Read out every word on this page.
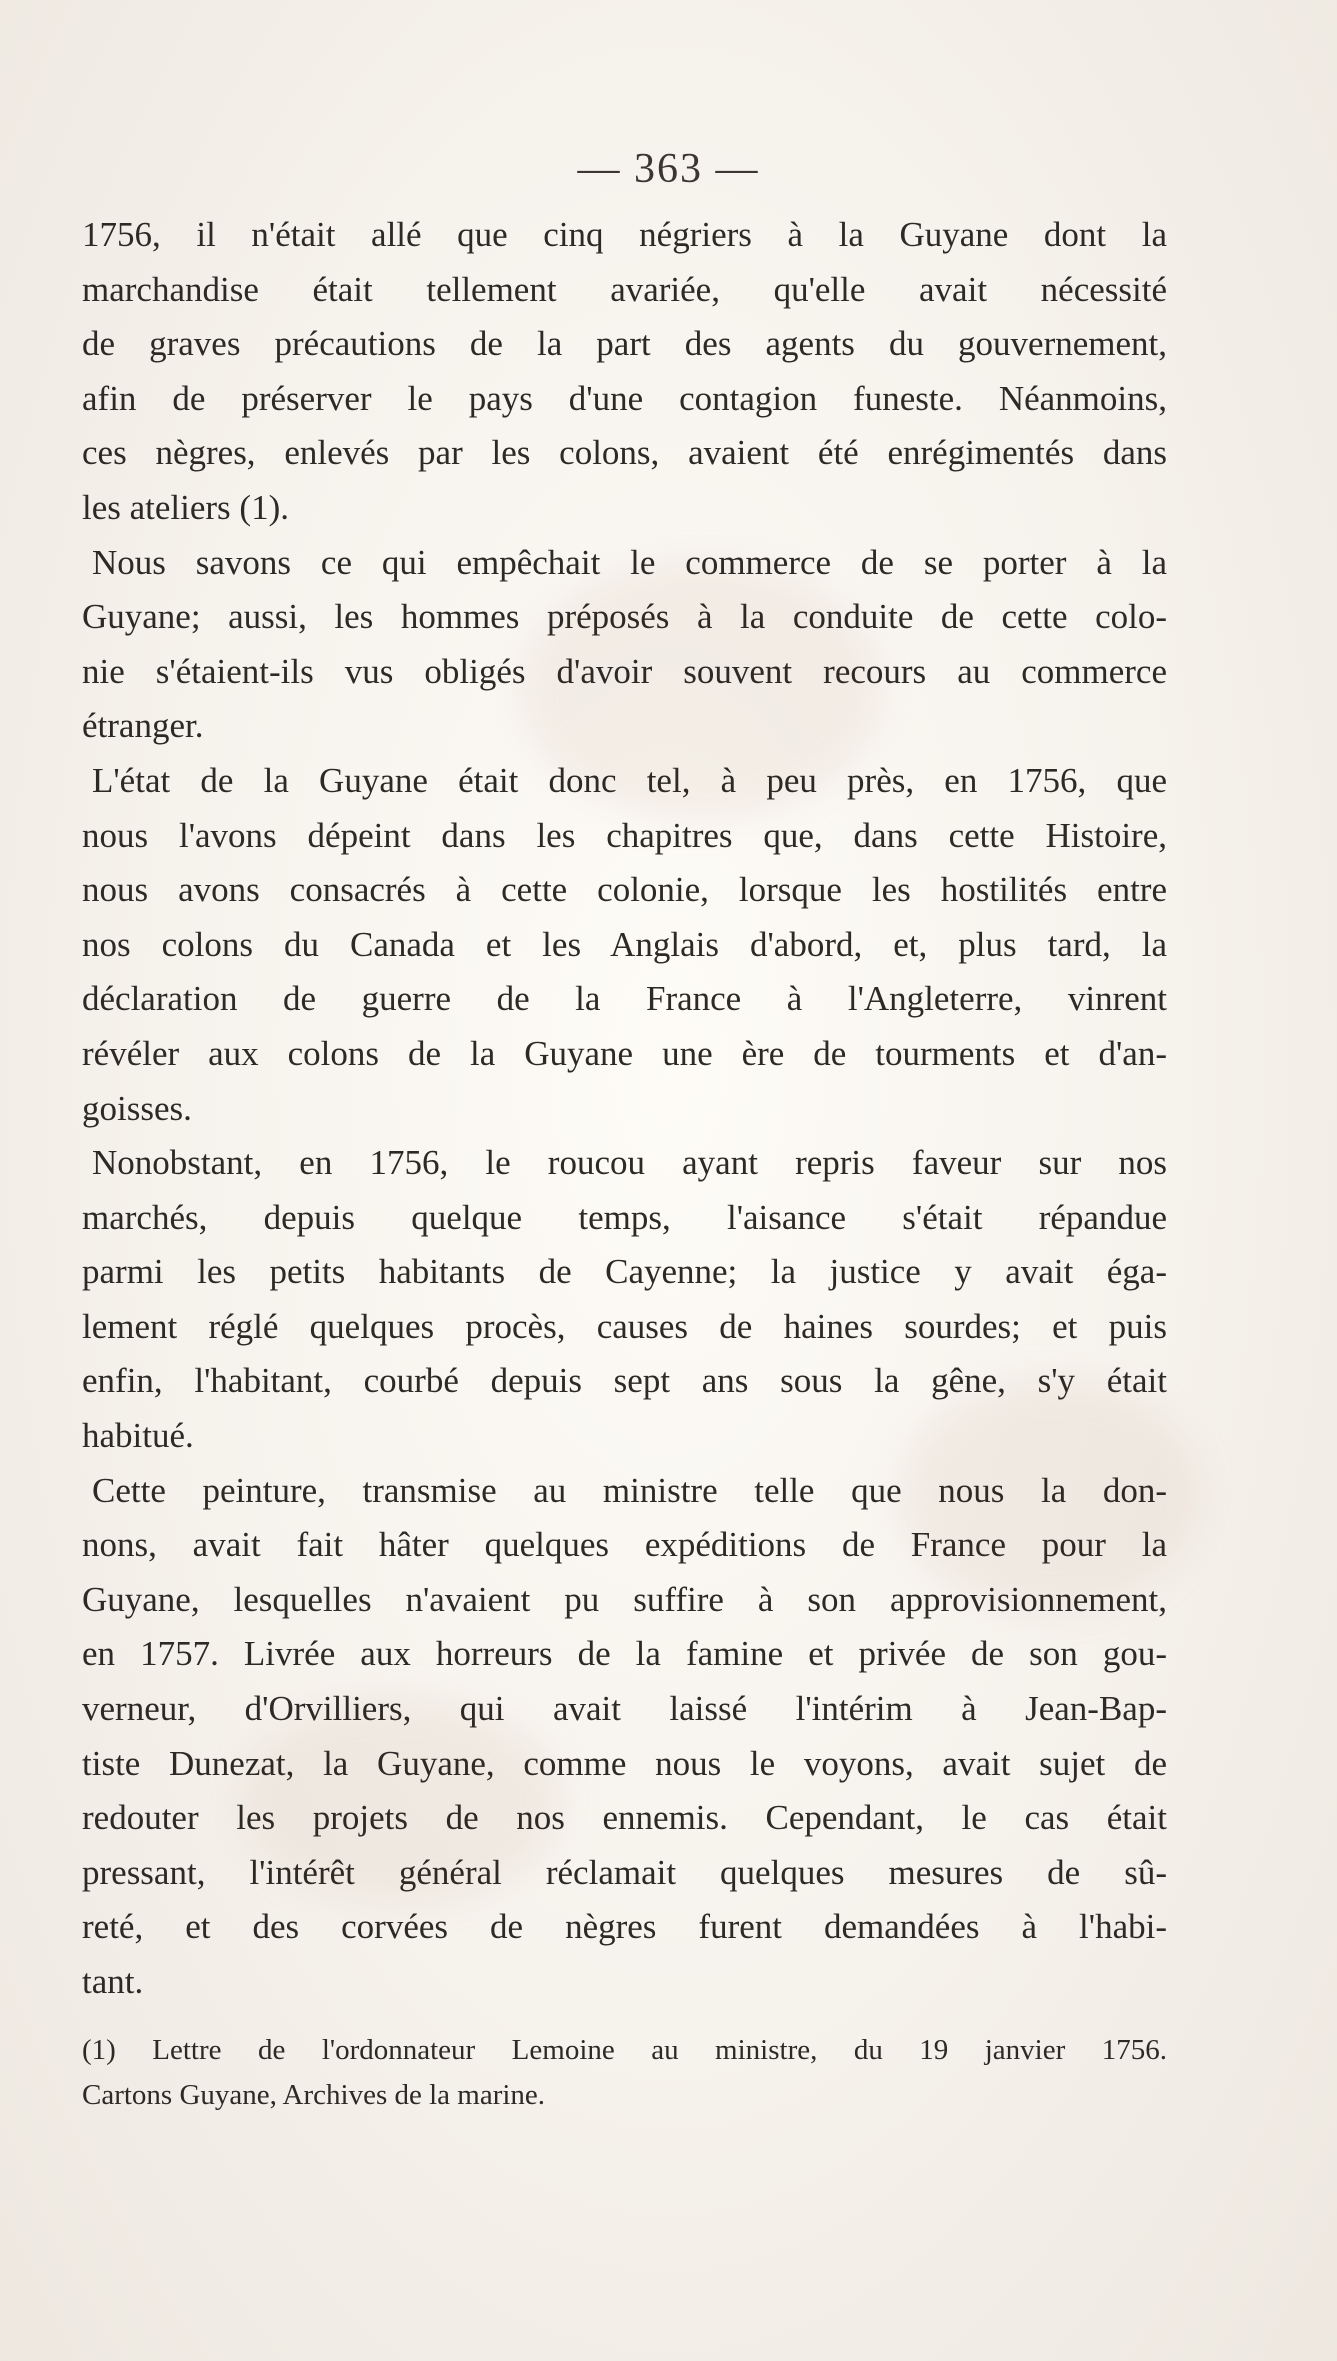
— 363 —
1756, il n'était allé que cinq négriers à la Guyane dont la
marchandise était tellement avariée, qu'elle avait nécessité
de graves précautions de la part des agents du gouvernement,
afin de préserver le pays d'une contagion funeste. Néanmoins,
ces nègres, enlevés par les colons, avaient été enrégimentés dans
les ateliers (1).
Nous savons ce qui empêchait le commerce de se porter à la
Guyane; aussi, les hommes préposés à la conduite de cette colo-
nie s'étaient-ils vus obligés d'avoir souvent recours au commerce
étranger.
L'état de la Guyane était donc tel, à peu près, en 1756, que
nous l'avons dépeint dans les chapitres que, dans cette Histoire,
nous avons consacrés à cette colonie, lorsque les hostilités entre
nos colons du Canada et les Anglais d'abord, et, plus tard, la
déclaration de guerre de la France à l'Angleterre, vinrent
révéler aux colons de la Guyane une ère de tourments et d'an-
goisses.
Nonobstant, en 1756, le roucou ayant repris faveur sur nos
marchés, depuis quelque temps, l'aisance s'était répandue
parmi les petits habitants de Cayenne; la justice y avait éga-
lement réglé quelques procès, causes de haines sourdes; et puis
enfin, l'habitant, courbé depuis sept ans sous la gêne, s'y était
habitué.
Cette peinture, transmise au ministre telle que nous la don-
nons, avait fait hâter quelques expéditions de France pour la
Guyane, lesquelles n'avaient pu suffire à son approvisionnement,
en 1757. Livrée aux horreurs de la famine et privée de son gou-
verneur, d'Orvilliers, qui avait laissé l'intérim à Jean-Bap-
tiste Dunezat, la Guyane, comme nous le voyons, avait sujet de
redouter les projets de nos ennemis. Cependant, le cas était
pressant, l'intérêt général réclamait quelques mesures de sû-
reté, et des corvées de nègres furent demandées à l'habi-
tant.
(1) Lettre de l'ordonnateur Lemoine au ministre, du 19 janvier 1756.
Cartons Guyane, Archives de la marine.
